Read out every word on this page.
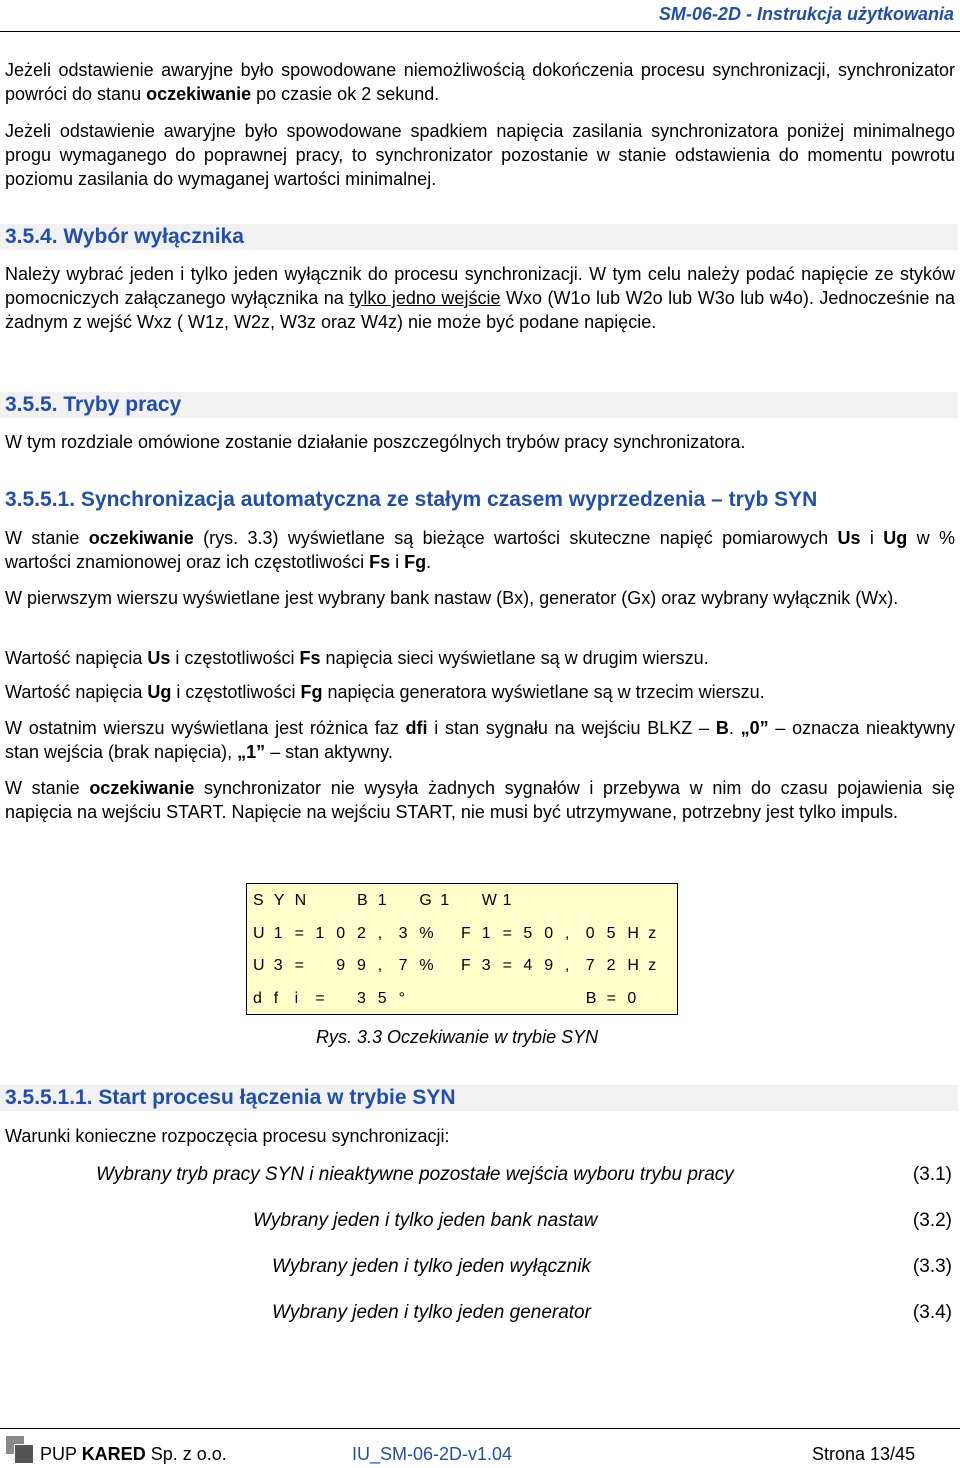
SM-06-2D - Instrukcja użytkowania

Jeżeli odstawienie awaryjne było spowodowane niemożliwością dokończenia procesu synchronizacji, synchronizator powróci do stanu oczekiwanie po czasie ok 2 sekund.

Jeżeli odstawienie awaryjne było spowodowane spadkiem napięcia zasilania synchronizatora poniżej minimalnego progu wymaganego do poprawnej pracy, to synchronizator pozostanie w stanie odstawienia do momentu powrotu poziomu zasilania do wymaganej wartości minimalnej.

3.5.4. Wybór wyłącznika

Należy wybrać jeden i tylko jeden wyłącznik do procesu synchronizacji. W tym celu należy podać napięcie ze styków pomocniczych załączanego wyłącznika na tylko jedno wejście Wxo (W1o lub W2o lub W3o lub w4o). Jednocześnie na żadnym z wejść Wxz ( W1z, W2z, W3z oraz W4z) nie może być podane napięcie.

3.5.5. Tryby pracy

W tym rozdziale omówione zostanie działanie poszczególnych trybów pracy synchronizatora.

3.5.5.1. Synchronizacja automatyczna ze stałym czasem wyprzedzenia – tryb SYN

W stanie oczekiwanie (rys. 3.3) wyświetlane są bieżące wartości skuteczne napięć pomiarowych Us i Ug w % wartości znamionowej oraz ich częstotliwości Fs i Fg.

W pierwszym wierszu wyświetlane jest wybrany bank nastaw (Bx), generator (Gx) oraz wybrany wyłącznik (Wx).

Wartość napięcia Us i częstotliwości Fs napięcia sieci wyświetlane są w drugim wierszu.

Wartość napięcia Ug i częstotliwości Fg napięcia generatora wyświetlane są w trzecim wierszu.

W ostatnim wierszu wyświetlana jest różnica faz dfi i stan sygnału na wejściu BLKZ – B. „0” – oznacza nieaktywny stan wejścia (brak napięcia), „1” – stan aktywny.

W stanie oczekiwanie synchronizator nie wysyła żadnych sygnałów i przebywa w nim do czasu pojawienia się napięcia na wejściu START. Napięcie na wejściu START, nie musi być utrzymywane, potrzebny jest tylko impuls.

S Y N	B 1 G 1 W 1
U 1 = 1 0 2 , 3 % F 1 = 5 0 , 0 5 H z
U 3 = 9 9 , 7 % F 3 = 4 9 , 7 2 H z
d f i = 3 5 °	B = 0
Rys. 3.3 Oczekiwanie w trybie SYN
3.5.5.1.1. Start procesu łączenia w trybie SYN

Warunki konieczne rozpoczęcia procesu synchronizacji:

Wybrany tryb pracy SYN i nieaktywne pozostałe wejścia wyboru trybu pracy	(3.1)
Wybrany jeden i tylko jeden bank nastaw	(3.2)
Wybrany jeden i tylko jeden wyłącznik	(3.3)
Wybrany jeden i tylko jeden generator	(3.4)
PUP KARED Sp. z o.o.	IU_SM-06-2D-v1.04	Strona 13/45
